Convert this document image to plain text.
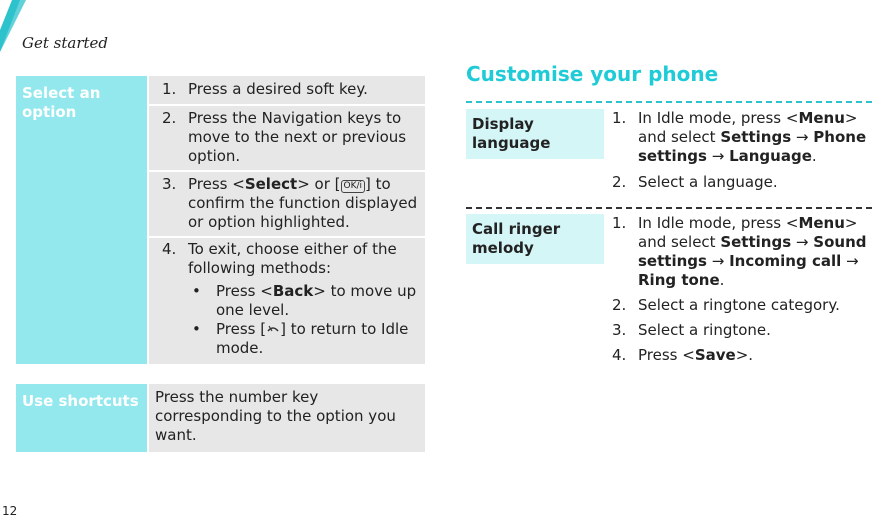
Get started
12
Select an option
1. Press a desired soft key.
2. Press the Navigation keys to move to the next or previous option.
3. Press <Select> or [ OK/i ] to confirm the function displayed or option highlighted.
4. To exit, choose either of the following methods:
• Press <Back> to move up one level.
• Press [ ] to return to Idle mode.
Use shortcuts	Press the number key corresponding to the option you want.
Customise your phone
Display language
1. In Idle mode, press <Menu>
and select Settings → Phone
settings → Language.
2. Select a language.
Call ringer melody
1. In Idle mode, press <Menu>
and select Settings → Sound
settings → Incoming call →
Ring tone.
2. Select a ringtone category.
3. Select a ringtone.
4. Press <Save>.
